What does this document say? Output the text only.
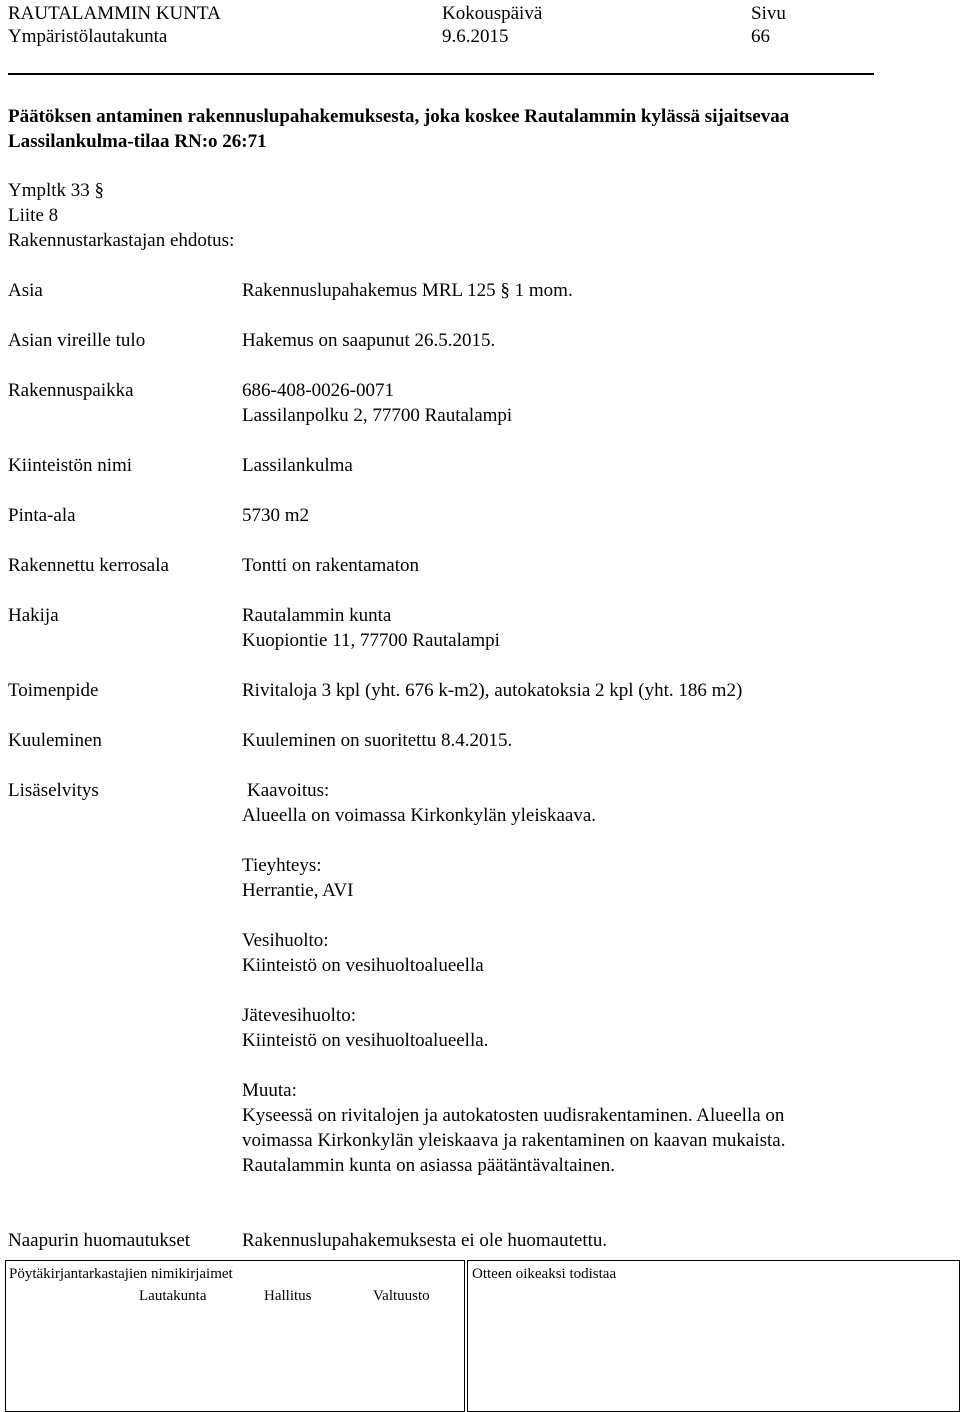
RAUTALAMMIN KUNTA	Kokouspäivä	Sivu
Ympäristölautakunta	9.6.2015	66
Päätöksen antaminen rakennuslupahakemuksesta, joka koskee Rautalammin kylässä sijaitsevaa Lassilankulma-tilaa RN:o 26:71
Ympltk 33 §
Liite 8
Rakennustarkastajan ehdotus:
Asia	Rakennuslupahakemus MRL 125 § 1 mom.
Asian vireille tulo	Hakemus on saapunut 26.5.2015.
Rakennuspaikka	686-408-0026-0071
Lassilanpolku 2, 77700 Rautalampi
Kiinteistön nimi	Lassilankulma
Pinta-ala	5730 m2
Rakennettu kerrosala	Tontti on rakentamaton
Hakija	Rautalammin kunta
Kuopiontie 11, 77700 Rautalampi
Toimenpide	Rivitaloja 3 kpl (yht. 676 k-m2), autokatoksia 2 kpl (yht. 186 m2)
Kuuleminen	Kuuleminen on suoritettu 8.4.2015.
Lisäselvitys	Kaavoitus:
Alueella on voimassa Kirkonkylän yleiskaava.
Tieyhteys:
Herrantie, AVI
Vesihuolto:
Kiinteistö on vesihuoltoalueella
Jätevesihuolto:
Kiinteistö on vesihuoltoalueella.
Muuta:
Kyseessä on rivitalojen ja autokatosten uudisrakentaminen. Alueella on
voimassa Kirkonkylän yleiskaava ja rakentaminen on kaavan mukaista.
Rautalammin kunta on asiassa päätäntävaltainen.
Naapurin huomautukset	Rakennuslupahakemuksesta ei ole huomautettu.
Pöytäkirjantarkastajien nimikirjaimet
Lautakunta	Hallitus	Valtuusto
Otteen oikeaksi todistaa
